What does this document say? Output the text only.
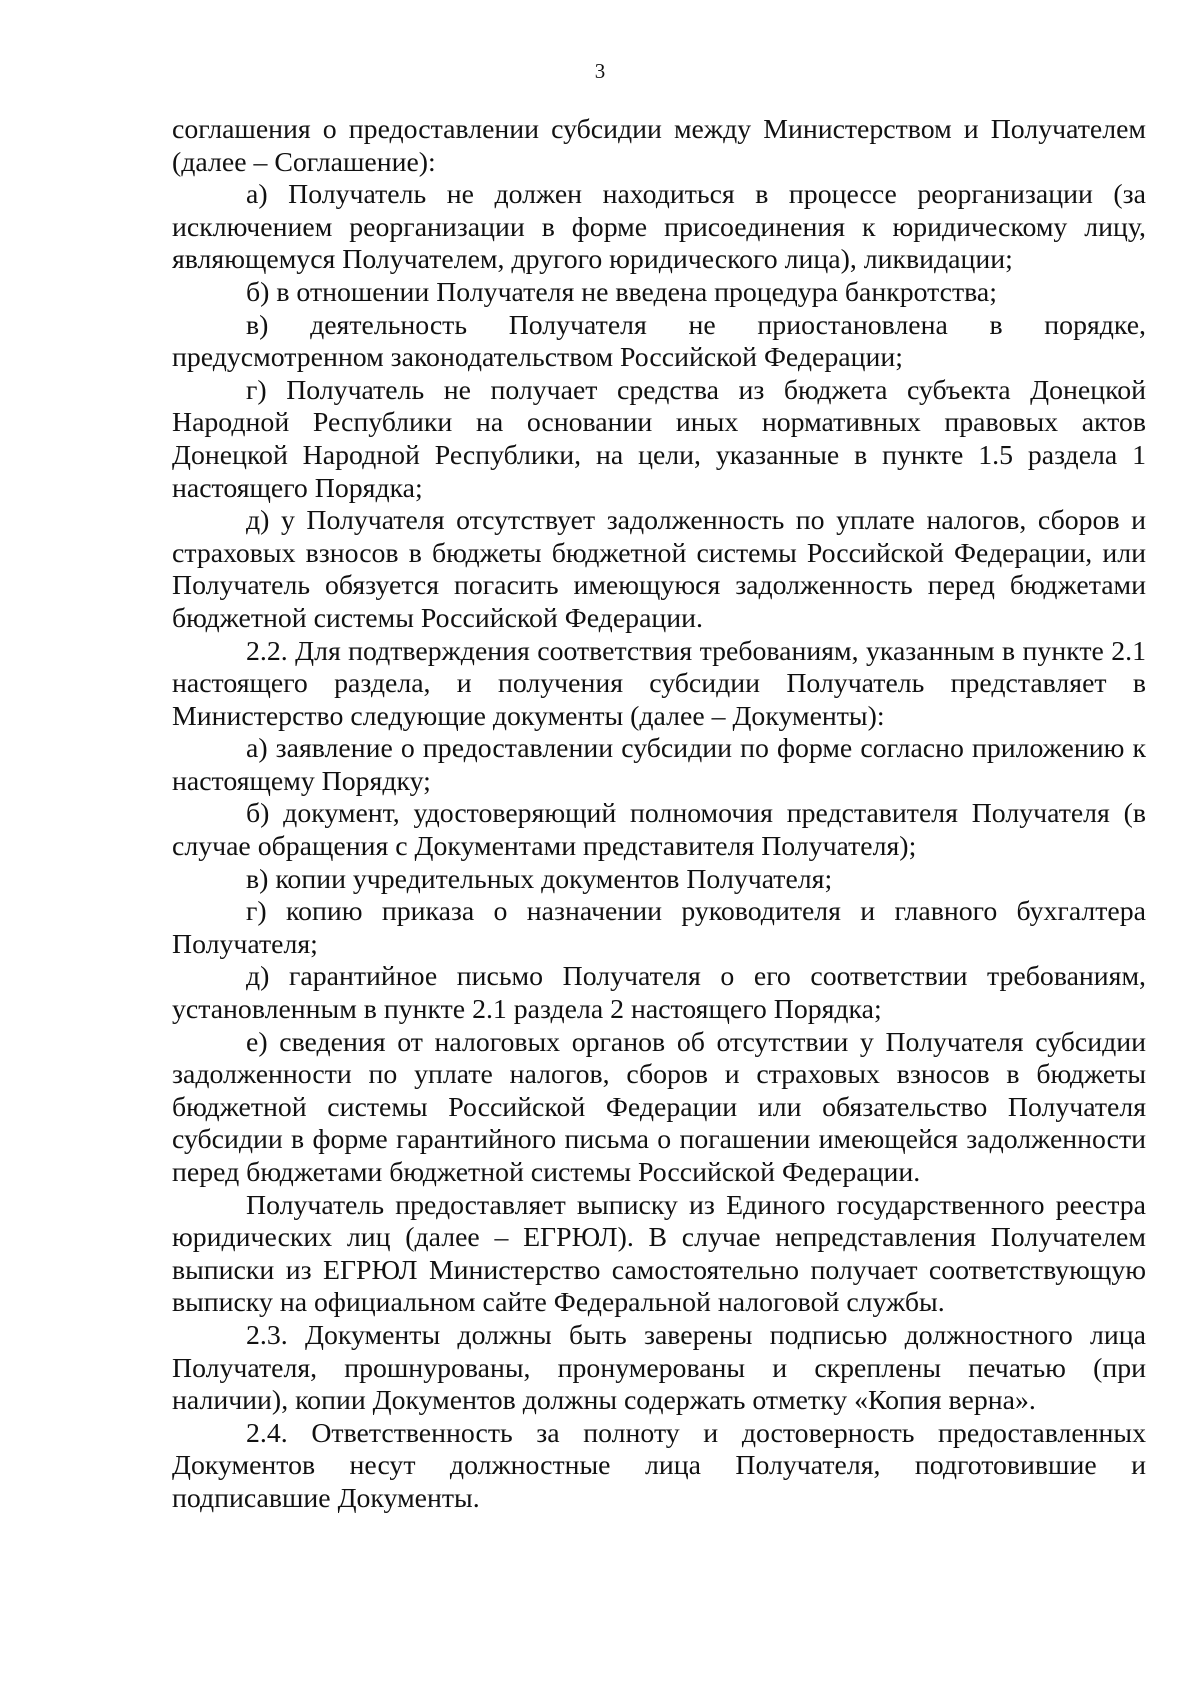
3

соглашения о предоставлении субсидии между Министерством и Получателем (далее – Соглашение):

а) Получатель не должен находиться в процессе реорганизации (за исключением реорганизации в форме присоединения к юридическому лицу, являющемуся Получателем, другого юридического лица), ликвидации;

б) в отношении Получателя не введена процедура банкротства;

в) деятельность Получателя не приостановлена в порядке, предусмотренном законодательством Российской Федерации;

г) Получатель не получает средства из бюджета субъекта Донецкой Народной Республики на основании иных нормативных правовых актов Донецкой Народной Республики, на цели, указанные в пункте 1.5 раздела 1 настоящего Порядка;

д) у Получателя отсутствует задолженность по уплате налогов, сборов и страховых взносов в бюджеты бюджетной системы Российской Федерации, или Получатель обязуется погасить имеющуюся задолженность перед бюджетами бюджетной системы Российской Федерации.

2.2. Для подтверждения соответствия требованиям, указанным в пункте 2.1 настоящего раздела, и получения субсидии Получатель представляет в Министерство следующие документы (далее – Документы):

а) заявление о предоставлении субсидии по форме согласно приложению к настоящему Порядку;

б) документ, удостоверяющий полномочия представителя Получателя (в случае обращения с Документами представителя Получателя);

в) копии учредительных документов Получателя;

г) копию приказа о назначении руководителя и главного бухгалтера Получателя;

д) гарантийное письмо Получателя о его соответствии требованиям, установленным в пункте 2.1 раздела 2 настоящего Порядка;

е) сведения от налоговых органов об отсутствии у Получателя субсидии задолженности по уплате налогов, сборов и страховых взносов в бюджеты бюджетной системы Российской Федерации или обязательство Получателя субсидии в форме гарантийного письма о погашении имеющейся задолженности перед бюджетами бюджетной системы Российской Федерации.

Получатель предоставляет выписку из Единого государственного реестра юридических лиц (далее – ЕГРЮЛ). В случае непредставления Получателем выписки из ЕГРЮЛ Министерство самостоятельно получает соответствующую выписку на официальном сайте Федеральной налоговой службы.

2.3. Документы должны быть заверены подписью должностного лица Получателя, прошнурованы, пронумерованы и скреплены печатью (при наличии), копии Документов должны содержать отметку «Копия верна».

2.4. Ответственность за полноту и достоверность предоставленных Документов несут должностные лица Получателя, подготовившие и подписавшие Документы.
